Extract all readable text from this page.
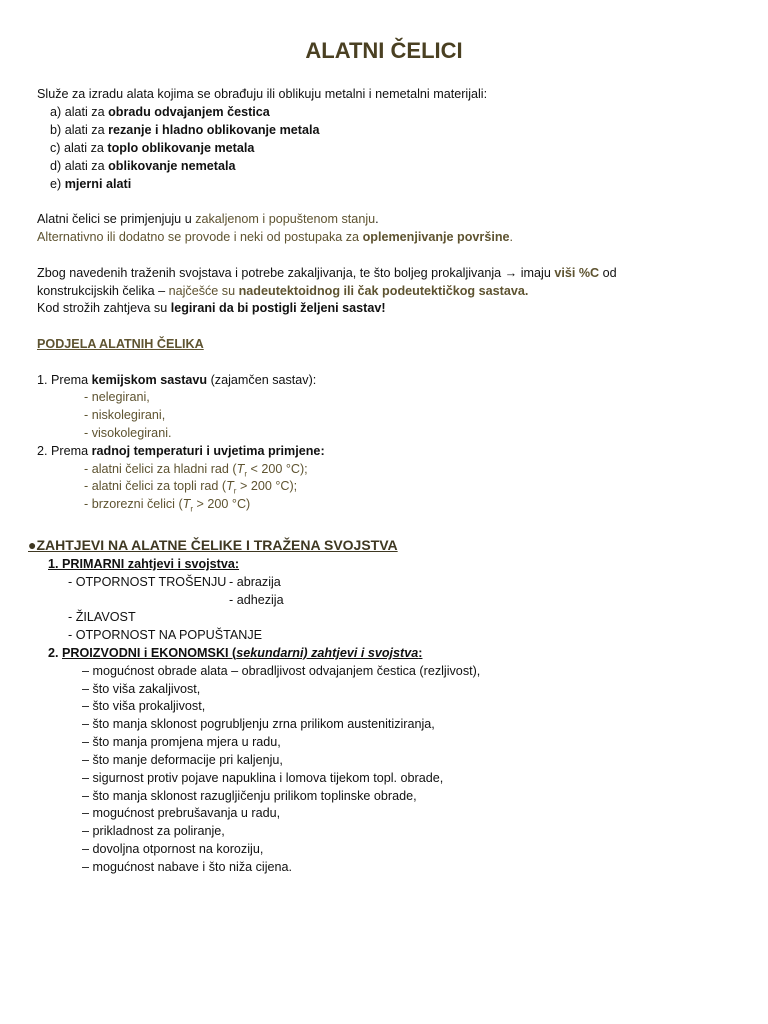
ALATNI ČELICI
Služe za izradu alata kojima se obrađuju ili oblikuju metalni i nemetalni materijali:
a) alati za obradu odvajanjem čestica
b) alati za rezanje i hladno oblikovanje metala
c) alati za toplo oblikovanje metala
d) alati za oblikovanje nemetala
e) mjerni alati
Alatni čelici se primjenjuju u zakaljenom i popuštenom stanju.
Alternativno ili dodatno se provode i neki od postupaka za oplemenjivanje površine.
Zbog navedenih traženih svojstava i potrebe zakaljivanja, te što boljeg prokaljivanja → imaju viši %C od
konstrukcijskih čelika – najčešće su nadeutektoidnog ili čak podeutektičkog sastava.
Kod strožih zahtjeva su legirani da bi postigli željeni sastav!
PODJELA ALATNIH ČELIKA
1. Prema kemijskom sastavu (zajamčen sastav):
- nelegirani,
- niskolegirani,
- visokolegirani.
2. Prema radnoj temperaturi i uvjetima primjene:
- alatni čelici za hladni rad ($T_r < 200$ °C);
- alatni čelici za topli rad ($T_r > 200$ °C);
- brzorezni čelici ($T_r > 200$ °C)
●ZAHTJEVI NA ALATNE ČELIKE I TRAŽENA SVOJSTVA
1. PRIMARNI zahtjevi i svojstva:
- OTPORNOST TROŠENJU - abrazija
- adhezija
- ŽILAVOST
- OTPORNOST NA POPUŠTANJE
2. PROIZVODNI i EKONOMSKI (sekundarni) zahtjevi i svojstva:
– mogućnost obrade alata – obradljivost odvajanjem čestica (rezljivost),
– što viša zakaljivost,
– što viša prokaljivost,
– što manja sklonost pogrubljenju zrna prilikom austenitiziranja,
– što manja promjena mjera u radu,
– što manje deformacije pri kaljenju,
– sigurnost protiv pojave napuklina i lomova tijekom topl. obrade,
– što manja sklonost razugljičenju prilikom toplinske obrade,
– mogućnost prebrušavanja u radu,
– prikladnost za poliranje,
– dovoljna otpornost na koroziju,
– mogućnost nabave i što niža cijena.
